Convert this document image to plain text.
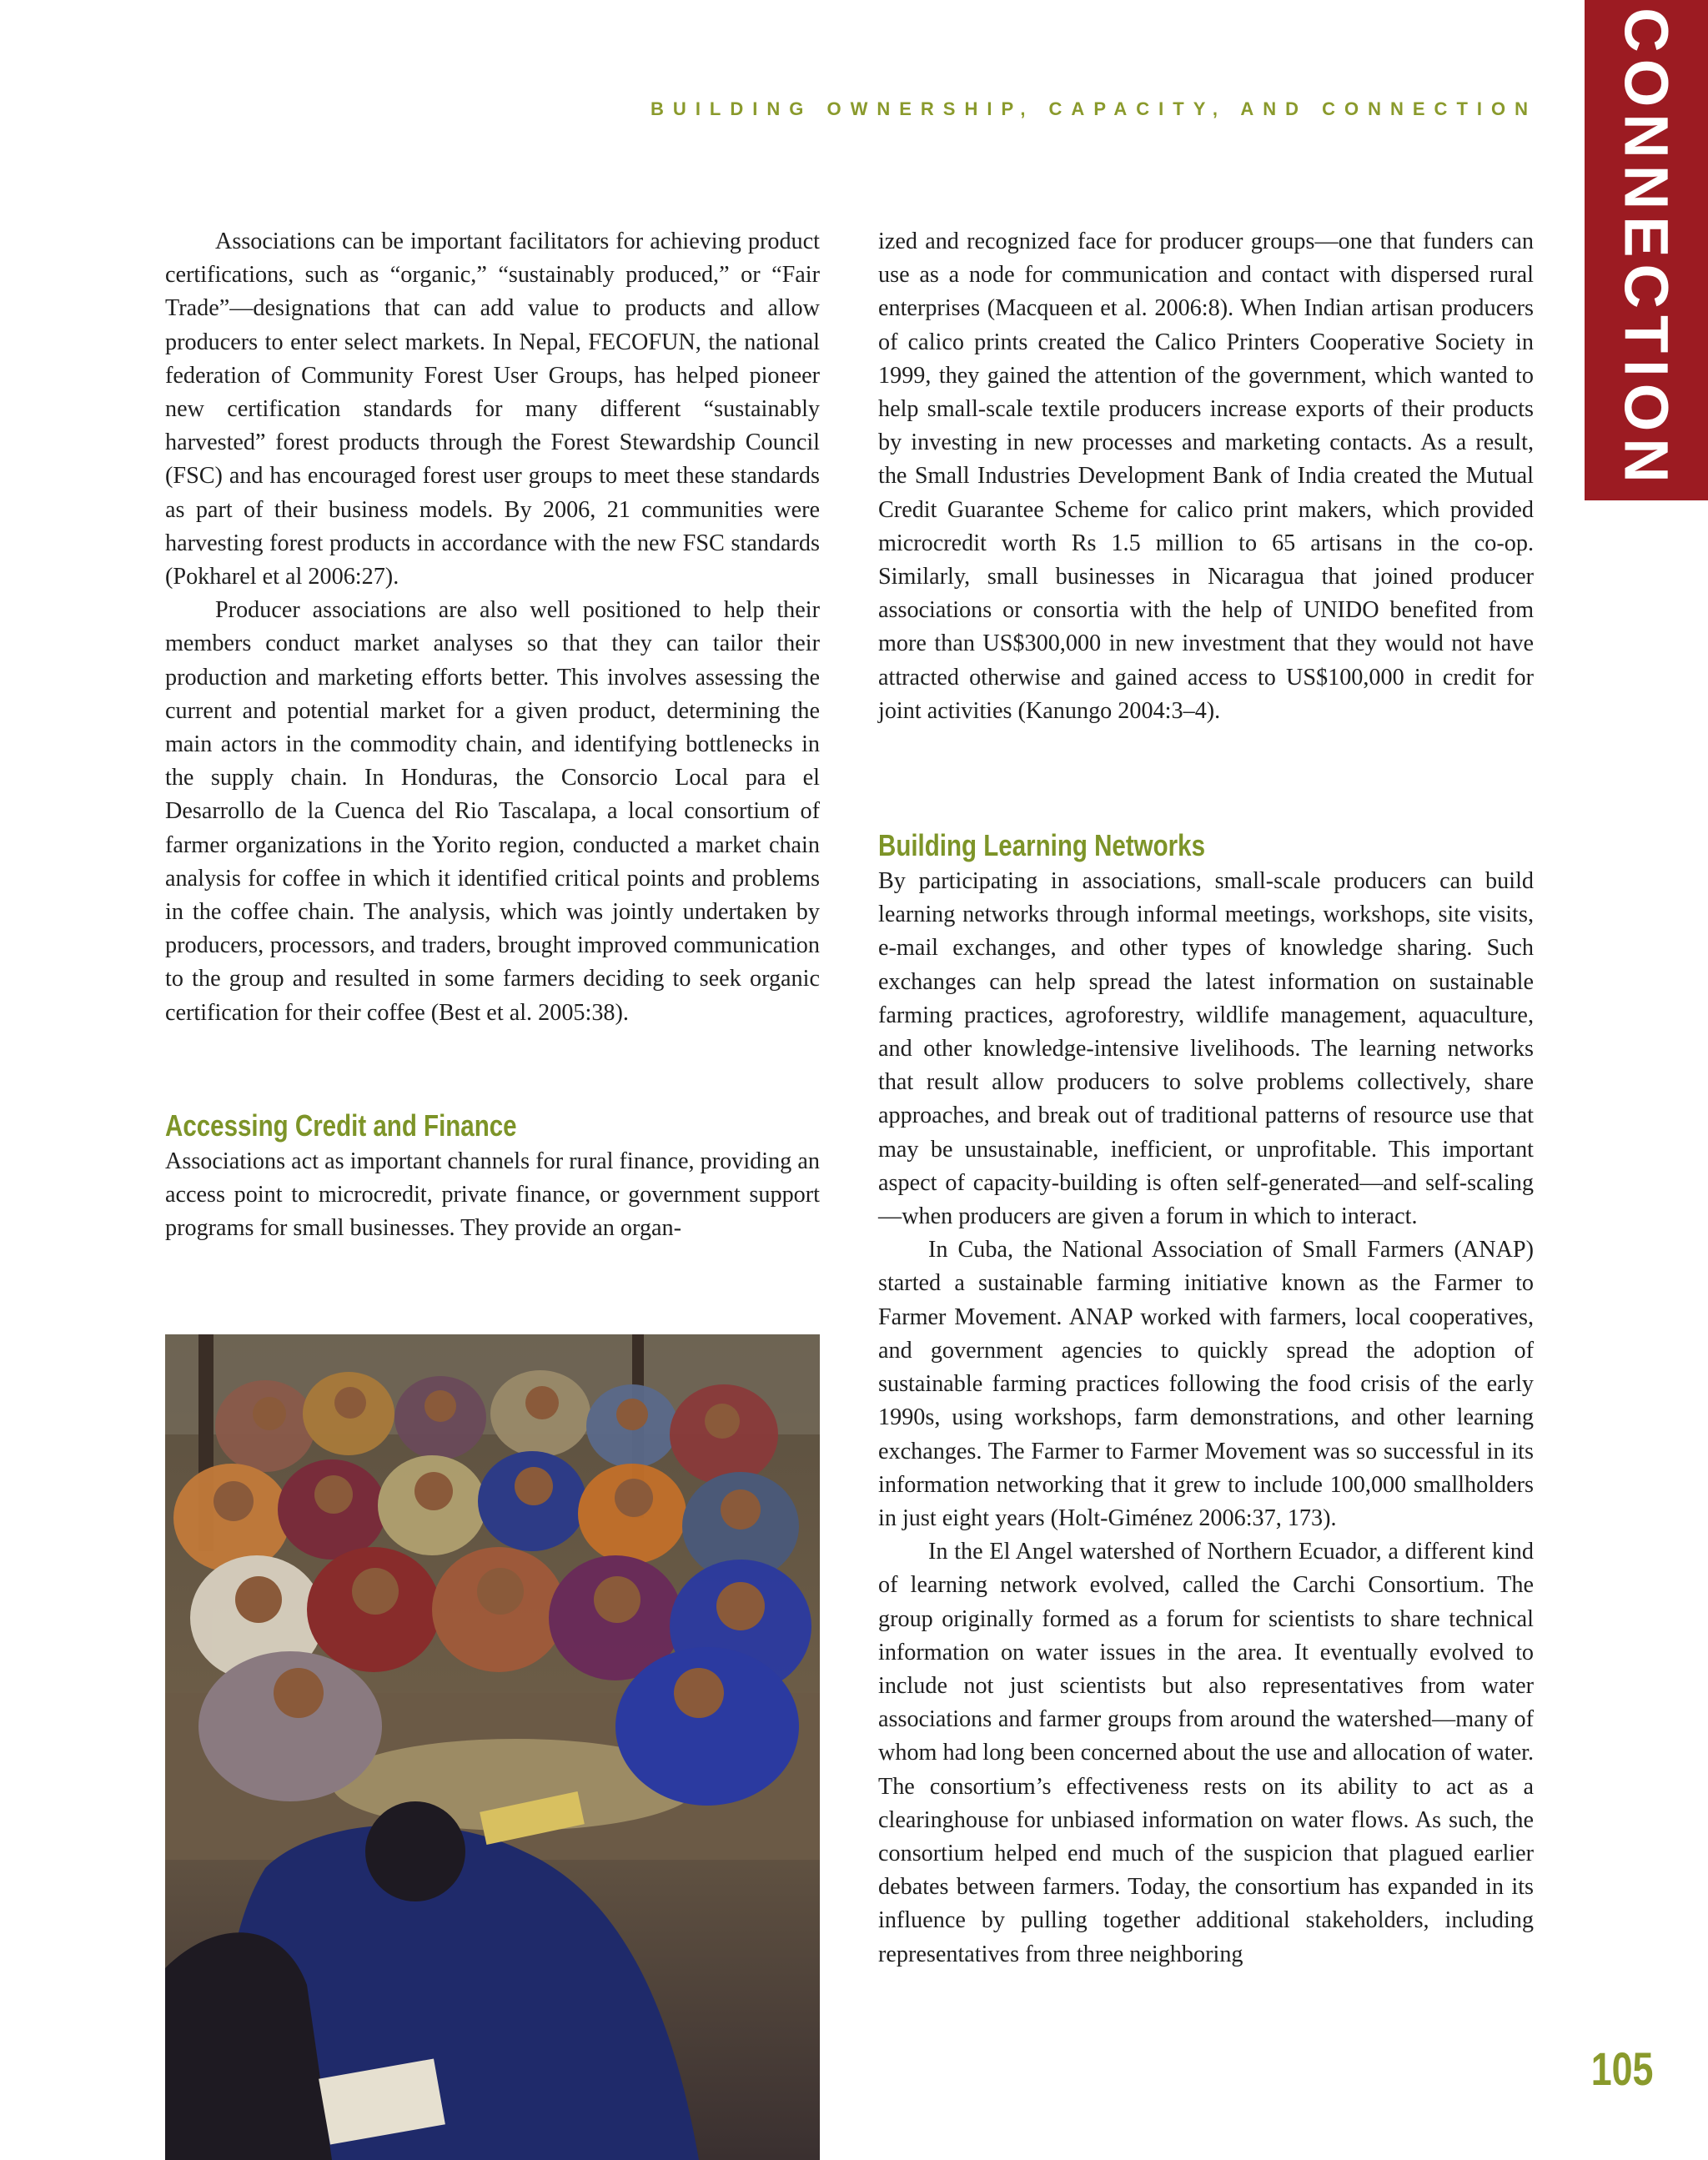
CONNECTION
BUILDING OWNERSHIP, CAPACITY, AND CONNECTION

Associations can be important facilitators for achieving product certifications, such as “organic,” “sustainably produced,” or “Fair Trade”—designations that can add value to products and allow producers to enter select markets. In Nepal, FECOFUN, the national federation of Community Forest User Groups, has helped pioneer new certification standards for many different “sustainably harvested” forest products through the Forest Stewardship Council (FSC) and has encouraged forest user groups to meet these standards as part of their business models. By 2006, 21 communities were harvesting forest products in accordance with the new FSC standards (Pokharel et al 2006:27).

Producer associations are also well positioned to help their members conduct market analyses so that they can tailor their production and marketing efforts better. This involves assessing the current and potential market for a given product, determining the main actors in the commodity chain, and identifying bottlenecks in the supply chain. In Honduras, the Consorcio Local para el Desarrollo de la Cuenca del Rio Tascalapa, a local consortium of farmer organizations in the Yorito region, conducted a market chain analysis for coffee in which it identified critical points and problems in the coffee chain. The analysis, which was jointly undertaken by producers, processors, and traders, brought improved communication to the group and resulted in some farmers deciding to seek organic certification for their coffee (Best et al. 2005:38).

Accessing Credit and Finance

Associations act as important channels for rural finance, providing an access point to microcredit, private finance, or government support programs for small businesses. They provide an organ-

ized and recognized face for producer groups—one that funders can use as a node for communication and contact with dispersed rural enterprises (Macqueen et al. 2006:8). When Indian artisan producers of calico prints created the Calico Printers Cooperative Society in 1999, they gained the attention of the government, which wanted to help small-scale textile producers increase exports of their products by investing in new processes and marketing contacts. As a result, the Small Industries Development Bank of India created the Mutual Credit Guarantee Scheme for calico print makers, which provided microcredit worth Rs 1.5 million to 65 artisans in the co-op. Similarly, small businesses in Nicaragua that joined producer associations or consortia with the help of UNIDO benefited from more than US$300,000 in new investment that they would not have attracted otherwise and gained access to US$100,000 in credit for joint activities (Kanungo 2004:3–4).

Building Learning Networks

By participating in associations, small-scale producers can build learning networks through informal meetings, workshops, site visits, e-mail exchanges, and other types of knowledge sharing. Such exchanges can help spread the latest information on sustainable farming practices, agroforestry, wildlife management, aquaculture, and other knowledge-intensive livelihoods. The learning networks that result allow producers to solve problems collectively, share approaches, and break out of traditional patterns of resource use that may be unsustainable, inefficient, or unprofitable. This important aspect of capacity-building is often self-generated—and self-scaling—when producers are given a forum in which to interact.

In Cuba, the National Association of Small Farmers (ANAP) started a sustainable farming initiative known as the Farmer to Farmer Movement. ANAP worked with farmers, local cooperatives, and government agencies to quickly spread the adoption of sustainable farming practices following the food crisis of the early 1990s, using workshops, farm demonstrations, and other learning exchanges. The Farmer to Farmer Movement was so successful in its information networking that it grew to include 100,000 smallholders in just eight years (Holt-Giménez 2006:37, 173).

In the El Angel watershed of Northern Ecuador, a different kind of learning network evolved, called the Carchi Consortium. The group originally formed as a forum for scientists to share technical information on water issues in the area. It eventually evolved to include not just scientists but also representatives from water associations and farmer groups from around the watershed—many of whom had long been concerned about the use and allocation of water. The consortium’s effectiveness rests on its ability to act as a clearinghouse for unbiased information on water flows. As such, the consortium helped end much of the suspicion that plagued earlier debates between farmers. Today, the consortium has expanded in its influence by pulling together additional stakeholders, including representatives from three neighboring

105
